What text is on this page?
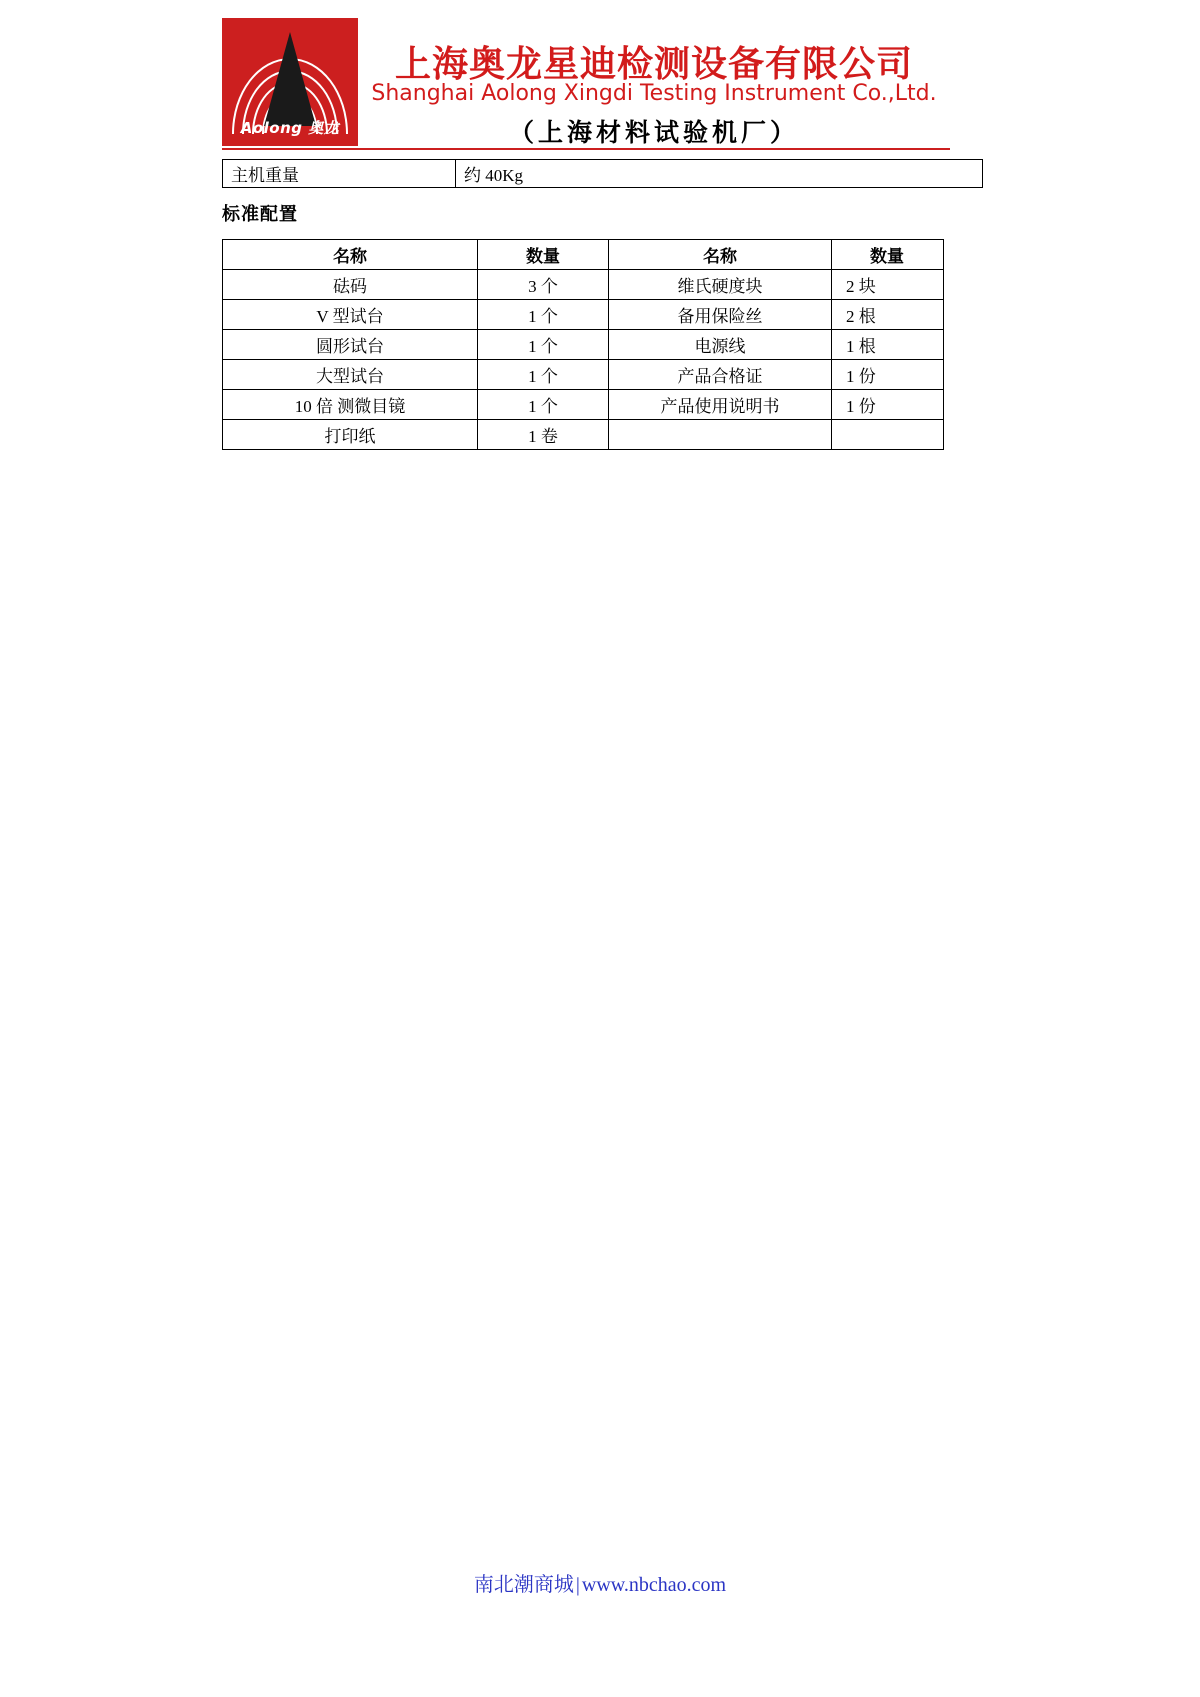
Aolong 奥龙
上海奥龙星迪检测设备有限公司
Shanghai Aolong Xingdi Testing Instrument Co.,Ltd.
（上海材料试验机厂）
主机重量	约 40Kg
标准配置
名称	数量	名称	数量
砝码	3 个	维氏硬度块	2 块
V 型试台	1 个	备用保险丝	2 根
圆形试台	1 个	电源线	1 根
大型试台	1 个	产品合格证	1 份
10 倍 测微目镜	1 个	产品使用说明书	1 份
打印纸	1 卷		
南北潮商城 | www.nbchao.com
